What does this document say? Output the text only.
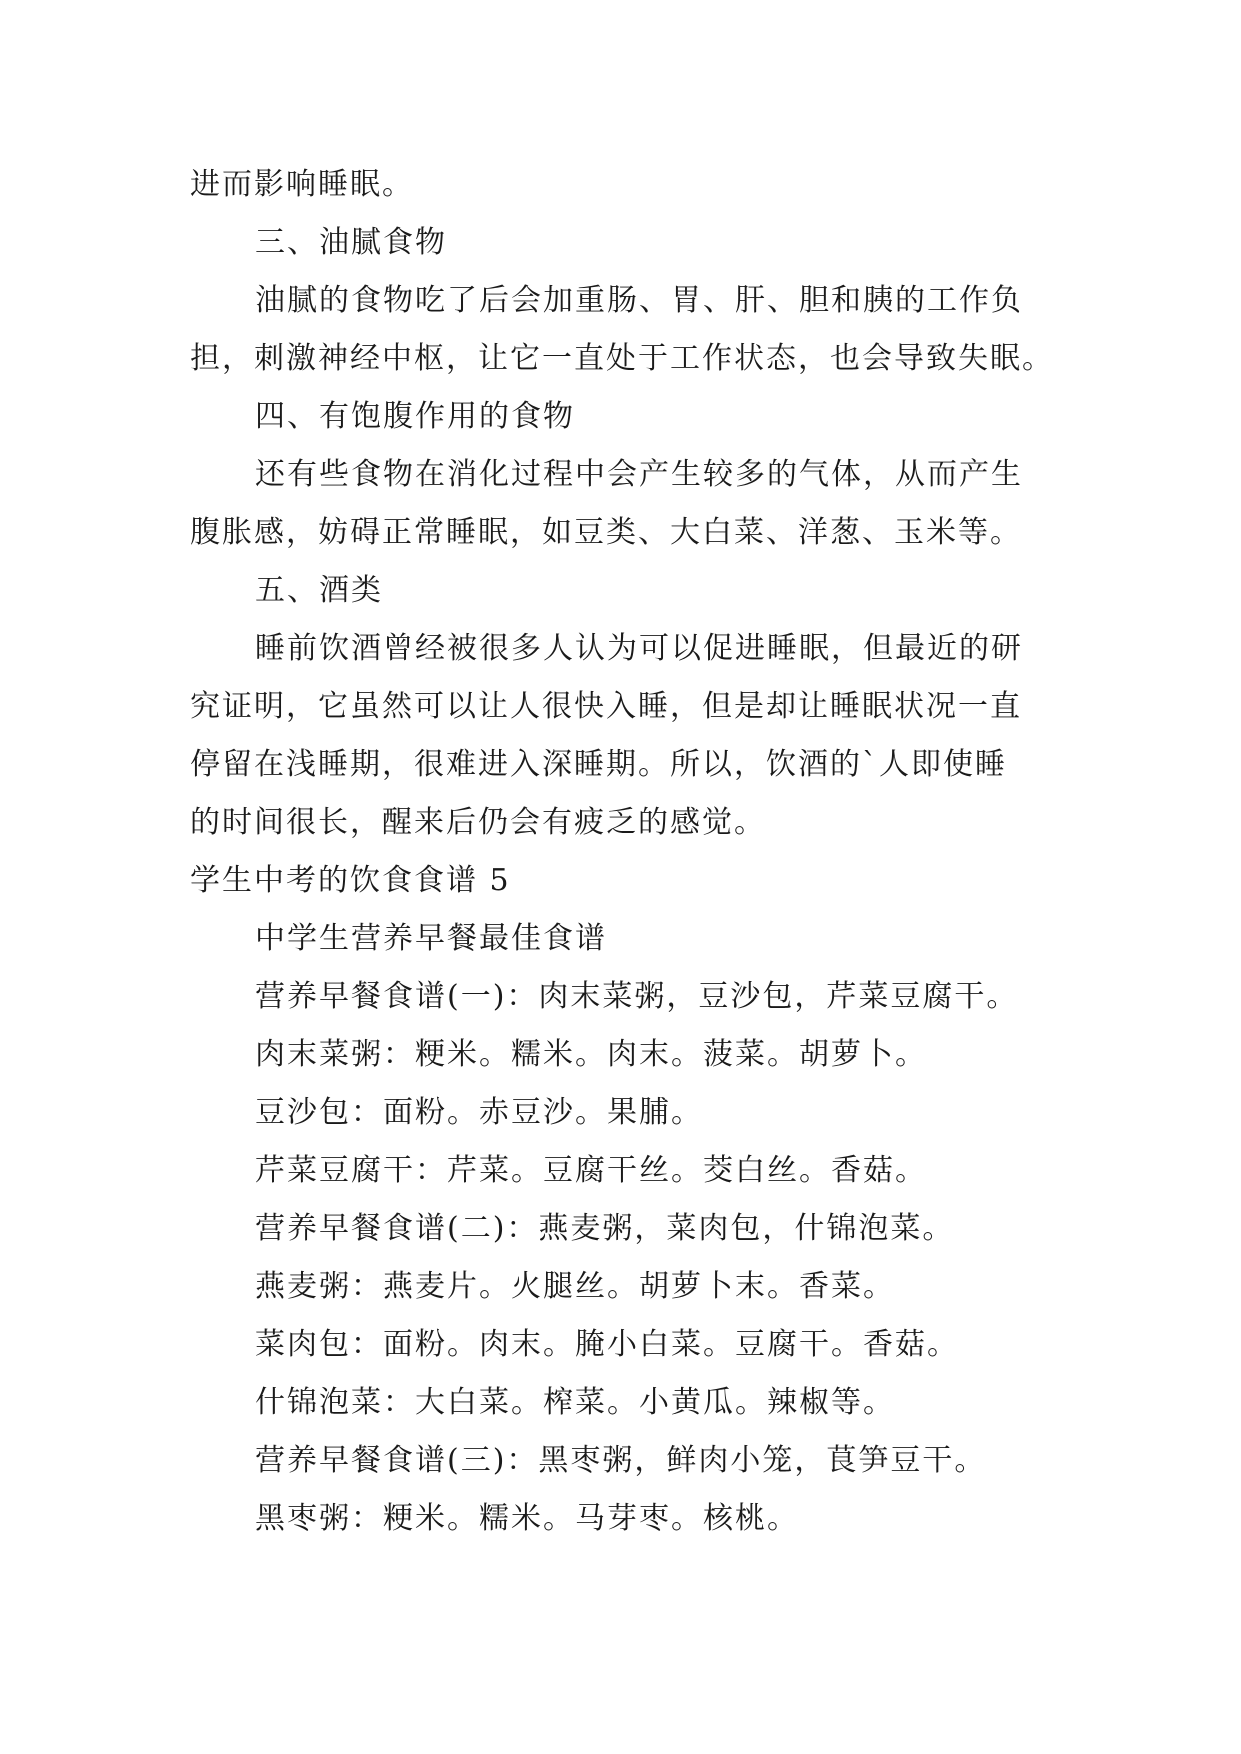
进而影响睡眠。
三、油腻食物
油腻的食物吃了后会加重肠、胃、肝、胆和胰的工作负
担，刺激神经中枢，让它一直处于工作状态，也会导致失眠。
四、有饱腹作用的食物
还有些食物在消化过程中会产生较多的气体，从而产生
腹胀感，妨碍正常睡眠，如豆类、大白菜、洋葱、玉米等。
五、酒类
睡前饮酒曾经被很多人认为可以促进睡眠，但最近的研
究证明，它虽然可以让人很快入睡，但是却让睡眠状况一直
停留在浅睡期，很难进入深睡期。所以，饮酒的`人即使睡
的时间很长，醒来后仍会有疲乏的感觉。
学生中考的饮食食谱 5
中学生营养早餐最佳食谱
营养早餐食谱(一)：肉末菜粥，豆沙包，芹菜豆腐干。
肉末菜粥：粳米。糯米。肉末。菠菜。胡萝卜。
豆沙包：面粉。赤豆沙。果脯。
芹菜豆腐干：芹菜。豆腐干丝。茭白丝。香菇。
营养早餐食谱(二)：燕麦粥，菜肉包，什锦泡菜。
燕麦粥：燕麦片。火腿丝。胡萝卜末。香菜。
菜肉包：面粉。肉末。腌小白菜。豆腐干。香菇。
什锦泡菜：大白菜。榨菜。小黄瓜。辣椒等。
营养早餐食谱(三)：黑枣粥，鲜肉小笼，茛笋豆干。
黑枣粥：粳米。糯米。马芽枣。核桃。
